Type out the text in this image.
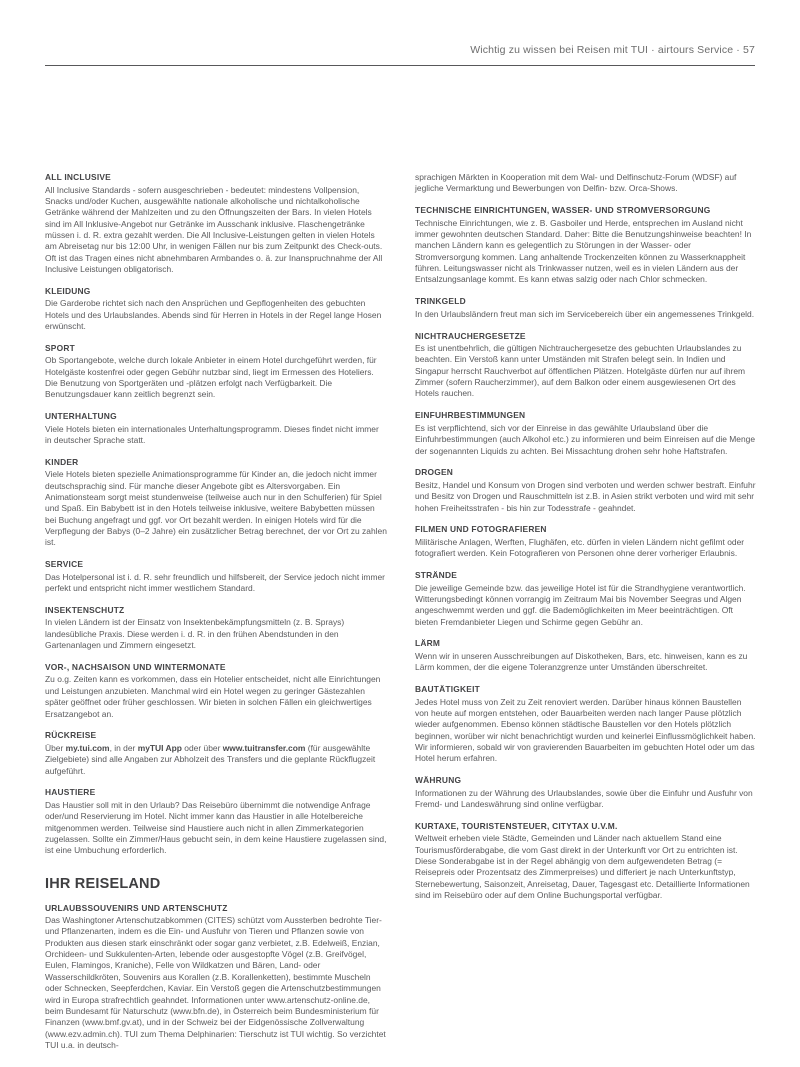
Wichtig zu wissen bei Reisen mit TUI · airtours Service · 57
ALL INCLUSIVE

All Inclusive Standards - sofern ausgeschrieben - bedeutet: mindestens Vollpension, Snacks und/oder Kuchen, ausgewählte nationale alkoholische und nichtalkoholische Getränke während der Mahlzeiten und zu den Öffnungszeiten der Bars. In vielen Hotels sind im All Inklusive-Angebot nur Getränke im Ausschank inklusive. Flaschengetränke müssen i. d. R. extra gezahlt werden. Die All Inclusive-Leistungen gelten in vielen Hotels am Abreisetag nur bis 12:00 Uhr, in wenigen Fällen nur bis zum Zeitpunkt des Check-outs. Oft ist das Tragen eines nicht abnehmbaren Armbandes o. ä. zur Inanspruchnahme der All Inclusive Leistungen obligatorisch.

KLEIDUNG

Die Garderobe richtet sich nach den Ansprüchen und Gepflogenheiten des gebuchten Hotels und des Urlaubslandes. Abends sind für Herren in Hotels in der Regel lange Hosen erwünscht.

SPORT

Ob Sportangebote, welche durch lokale Anbieter in einem Hotel durchgeführt werden, für Hotelgäste kostenfrei oder gegen Gebühr nutzbar sind, liegt im Ermessen des Hoteliers. Die Benutzung von Sportgeräten und -plätzen erfolgt nach Verfügbarkeit. Die Benutzungsdauer kann zeitlich begrenzt sein.

UNTERHALTUNG

Viele Hotels bieten ein internationales Unterhaltungsprogramm. Dieses findet nicht immer in deutscher Sprache statt.

KINDER

Viele Hotels bieten spezielle Animationsprogramme für Kinder an, die jedoch nicht immer deutschsprachig sind. Für manche dieser Angebote gibt es Altersvorgaben. Ein Animationsteam sorgt meist stundenweise (teilweise auch nur in den Schulferien) für Spiel und Spaß. Ein Babybett ist in den Hotels teilweise inklusive, weitere Babybetten müssen bei Buchung angefragt und ggf. vor Ort bezahlt werden. In einigen Hotels wird für die Verpflegung der Babys (0–2 Jahre) ein zusätzlicher Betrag berechnet, der vor Ort zu zahlen ist.

SERVICE

Das Hotelpersonal ist i. d. R. sehr freundlich und hilfsbereit, der Service jedoch nicht immer perfekt und entspricht nicht immer westlichem Standard.

INSEKTENSCHUTZ

In vielen Ländern ist der Einsatz von Insektenbekämpfungsmitteln (z. B. Sprays) landesübliche Praxis. Diese werden i. d. R. in den frühen Abendstunden in den Gartenanlagen und Zimmern eingesetzt.

VOR-, NACHSAISON UND WINTERMONATE

Zu o.g. Zeiten kann es vorkommen, dass ein Hotelier entscheidet, nicht alle Einrichtungen und Leistungen anzubieten. Manchmal wird ein Hotel wegen zu geringer Gästezahlen später geöffnet oder früher geschlossen. Wir bieten in solchen Fällen ein gleichwertiges Ersatzangebot an.

RÜCKREISE

Über my.tui.com, in der myTUI App oder über www.tuitransfer.com (für ausgewählte Zielgebiete) sind alle Angaben zur Abholzeit des Transfers und die geplante Rückflugzeit aufgeführt.

HAUSTIERE

Das Haustier soll mit in den Urlaub? Das Reisebüro übernimmt die notwendige Anfrage oder/und Reservierung im Hotel. Nicht immer kann das Haustier in alle Hotelbereiche mitgenommen werden. Teilweise sind Haustiere auch nicht in allen Zimmerkategorien zugelassen. Sollte ein Zimmer/Haus gebucht sein, in dem keine Haustiere zugelassen sind, ist eine Umbuchung erforderlich.

IHR REISELAND
URLAUBSSOUVENIRS UND ARTENSCHUTZ

Das Washingtoner Artenschutzabkommen (CITES) schützt vom Aussterben bedrohte Tier- und Pflanzenarten, indem es die Ein- und Ausfuhr von Tieren und Pflanzen sowie von Produkten aus diesen stark einschränkt oder sogar ganz verbietet, z.B. Edelweiß, Enzian, Orchideen- und Sukkulenten-Arten, lebende oder ausgestopfte Vögel (z.B. Greifvögel, Eulen, Flamingos, Kraniche), Felle von Wildkatzen und Bären, Land- oder Wasserschildkröten, Souvenirs aus Korallen (z.B. Korallenketten), bestimmte Muscheln oder Schnecken, Seepferdchen, Kaviar. Ein Verstoß gegen die Artenschutzbestimmungen wird in Europa strafrechtlich geahndet. Informationen unter www.artenschutz-online.de, beim Bundesamt für Naturschutz (www.bfn.de), in Österreich beim Bundesministerium für Finanzen (www.bmf.gv.at), und in der Schweiz bei der Eidgenössische Zollverwaltung (www.ezv.admin.ch). TUI zum Thema Delphinarien: Tierschutz ist TUI wichtig. So verzichtet TUI u.a. in deutsch-

sprachigen Märkten in Kooperation mit dem Wal- und Delfinschutz-Forum (WDSF) auf jegliche Vermarktung und Bewerbungen von Delfin- bzw. Orca-Shows.

TECHNISCHE EINRICHTUNGEN, WASSER- UND STROMVERSORGUNG

Technische Einrichtungen, wie z. B. Gasboiler und Herde, entsprechen im Ausland nicht immer gewohnten deutschen Standard. Daher: Bitte die Benutzungshinweise beachten! In manchen Ländern kann es gelegentlich zu Störungen in der Wasser- oder Stromversorgung kommen. Lang anhaltende Trockenzeiten können zu Wasserknappheit führen. Leitungswasser nicht als Trinkwasser nutzen, weil es in vielen Ländern aus der Entsalzungsanlage kommt. Es kann etwas salzig oder nach Chlor schmecken.

TRINKGELD

In den Urlaubsländern freut man sich im Servicebereich über ein angemessenes Trinkgeld.

NICHTRAUCHERGESETZE

Es ist unentbehrlich, die gültigen Nichtrauchergesetze des gebuchten Urlaubslandes zu beachten. Ein Verstoß kann unter Umständen mit Strafen belegt sein. In Indien und Singapur herrscht Rauchverbot auf öffentlichen Plätzen. Hotelgäste dürfen nur auf ihrem Zimmer (sofern Raucherzimmer), auf dem Balkon oder einem ausgewiesenen Ort des Hotels rauchen.

EINFUHRBESTIMMUNGEN

Es ist verpflichtend, sich vor der Einreise in das gewählte Urlaubsland über die Einfuhrbestimmungen (auch Alkohol etc.) zu informieren und beim Einreisen auf die Menge der sogenannten Liquids zu achten. Bei Missachtung drohen sehr hohe Haftstrafen.

DROGEN

Besitz, Handel und Konsum von Drogen sind verboten und werden schwer bestraft. Einfuhr und Besitz von Drogen und Rauschmitteln ist z.B. in Asien strikt verboten und wird mit sehr hohen Freiheitsstrafen - bis hin zur Todesstrafe - geahndet.

FILMEN UND FOTOGRAFIEREN

Militärische Anlagen, Werften, Flughäfen, etc. dürfen in vielen Ländern nicht gefilmt oder fotografiert werden. Kein Fotografieren von Personen ohne derer vorheriger Erlaubnis.

STRÄNDE

Die jeweilige Gemeinde bzw. das jeweilige Hotel ist für die Strandhygiene verantwortlich. Witterungsbedingt können vorrangig im Zeitraum Mai bis November Seegras und Algen angeschwemmt werden und ggf. die Bademöglichkeiten im Meer beeinträchtigen. Oft bieten Fremdanbieter Liegen und Schirme gegen Gebühr an.

LÄRM

Wenn wir in unseren Ausschreibungen auf Diskotheken, Bars, etc. hinweisen, kann es zu Lärm kommen, der die eigene Toleranzgrenze unter Umständen überschreitet.

BAUTÄTIGKEIT

Jedes Hotel muss von Zeit zu Zeit renoviert werden. Darüber hinaus können Baustellen von heute auf morgen entstehen, oder Bauarbeiten werden nach langer Pause plötzlich wieder aufgenommen. Ebenso können städtische Baustellen vor den Hotels plötzlich beginnen, worüber wir nicht benachrichtigt wurden und keinerlei Einflussmöglichkeit haben. Wir informieren, sobald wir von gravierenden Bauarbeiten im gebuchten Hotel oder um das Hotel herum erfahren.

WÄHRUNG

Informationen zu der Währung des Urlaubslandes, sowie über die Einfuhr und Ausfuhr von Fremd- und Landeswährung sind online verfügbar.

KURTAXE, TOURISTENSTEUER, CITYTAX U.V.M.

Weltweit erheben viele Städte, Gemeinden und Länder nach aktuellem Stand eine Tourismusförderabgabe, die vom Gast direkt in der Unterkunft vor Ort zu entrichten ist. Diese Sonderabgabe ist in der Regel abhängig von dem aufgewendeten Betrag (= Reisepreis oder Prozentsatz des Zimmerpreises) und differiert je nach Unterkunftstyp, Sternebewertung, Saisonzeit, Anreisetag, Dauer, Tagesgast etc. Detaillierte Informationen sind im Reisebüro oder auf dem Online Buchungsportal verfügbar.
